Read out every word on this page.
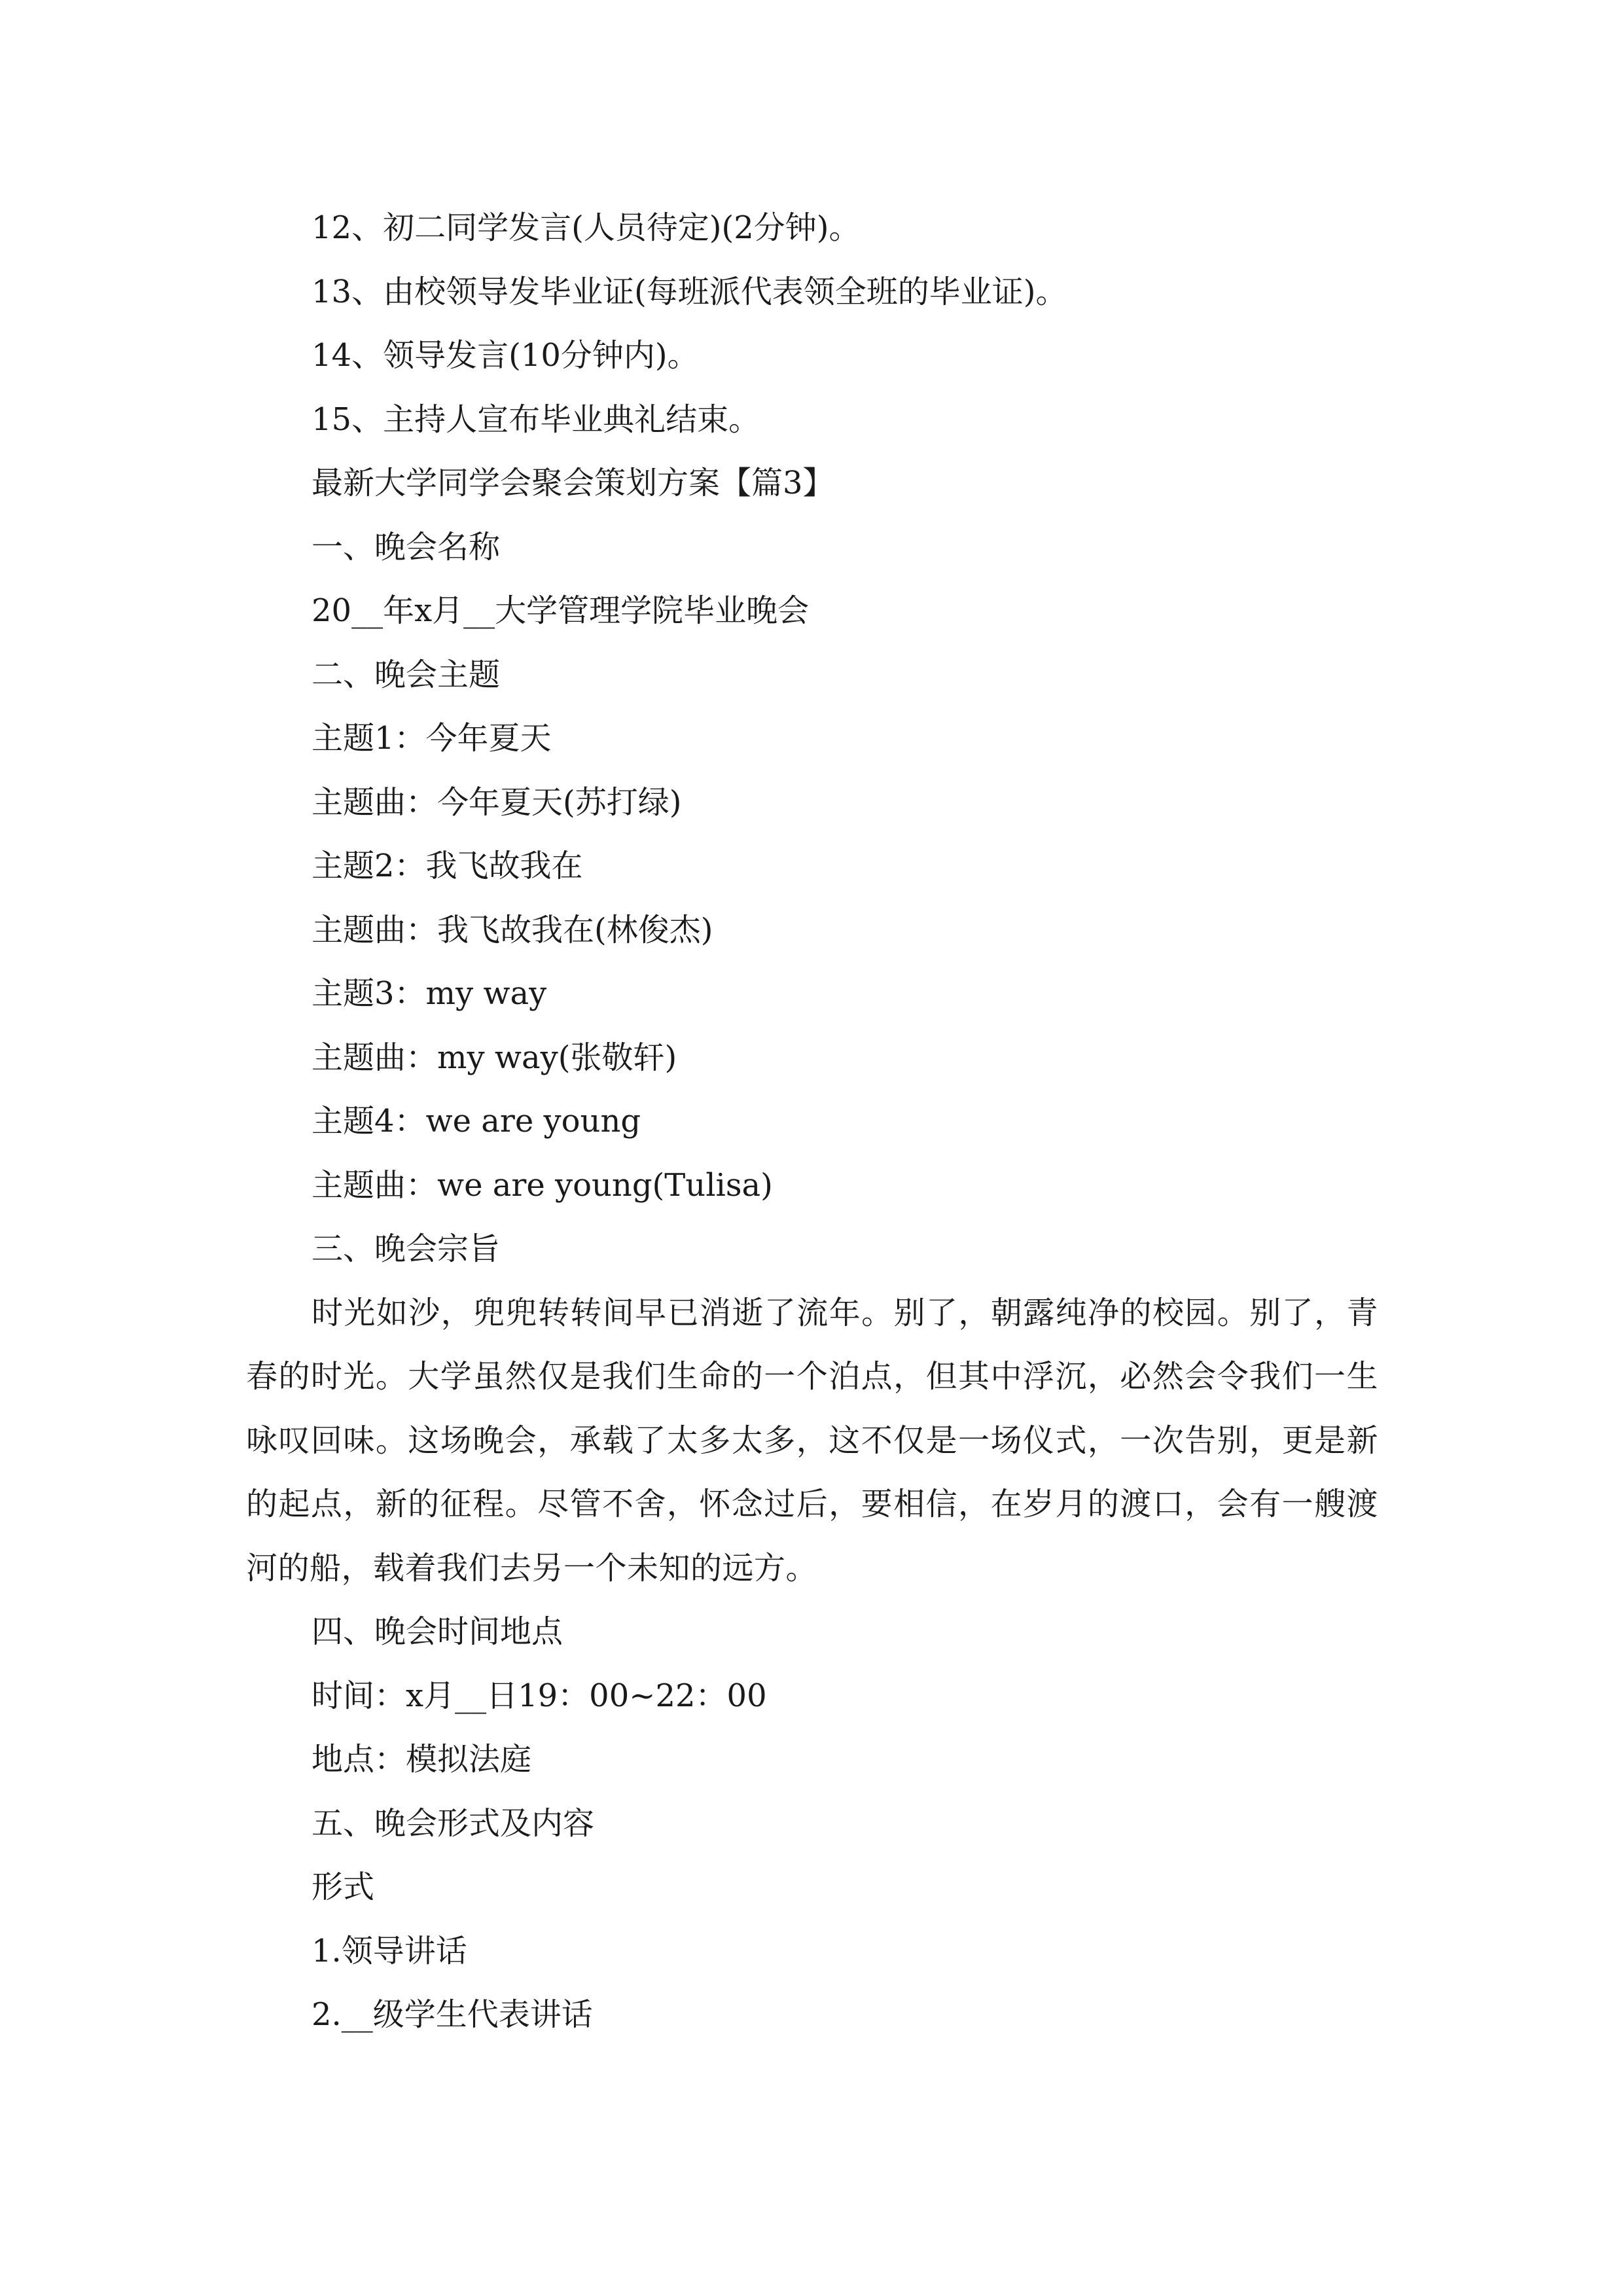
12、初二同学发言(人员待定)(2分钟)。
13、由校领导发毕业证(每班派代表领全班的毕业证)。
14、领导发言(10分钟内)。
15、主持人宣布毕业典礼结束。
最新大学同学会聚会策划方案【篇3】
一、晚会名称
20__年x月__大学管理学院毕业晚会
二、晚会主题
主题1：今年夏天
主题曲：今年夏天(苏打绿)
主题2：我飞故我在
主题曲：我飞故我在(林俊杰)
主题3：my way
主题曲：my way(张敬轩)
主题4：we are young
主题曲：we are young(Tulisa)
三、晚会宗旨
时光如沙，兜兜转转间早已消逝了流年。别了，朝露纯净的校园。别了，青春的时光。大学虽然仅是我们生命的一个泊点，但其中浮沉，必然会令我们一生咏叹回味。这场晚会，承载了太多太多，这不仅是一场仪式，一次告别，更是新的起点，新的征程。尽管不舍，怀念过后，要相信，在岁月的渡口，会有一艘渡河的船，载着我们去另一个未知的远方。
四、晚会时间地点
时间：x月__日19：00~22：00
地点：模拟法庭
五、晚会形式及内容
形式
1.领导讲话
2.__级学生代表讲话
